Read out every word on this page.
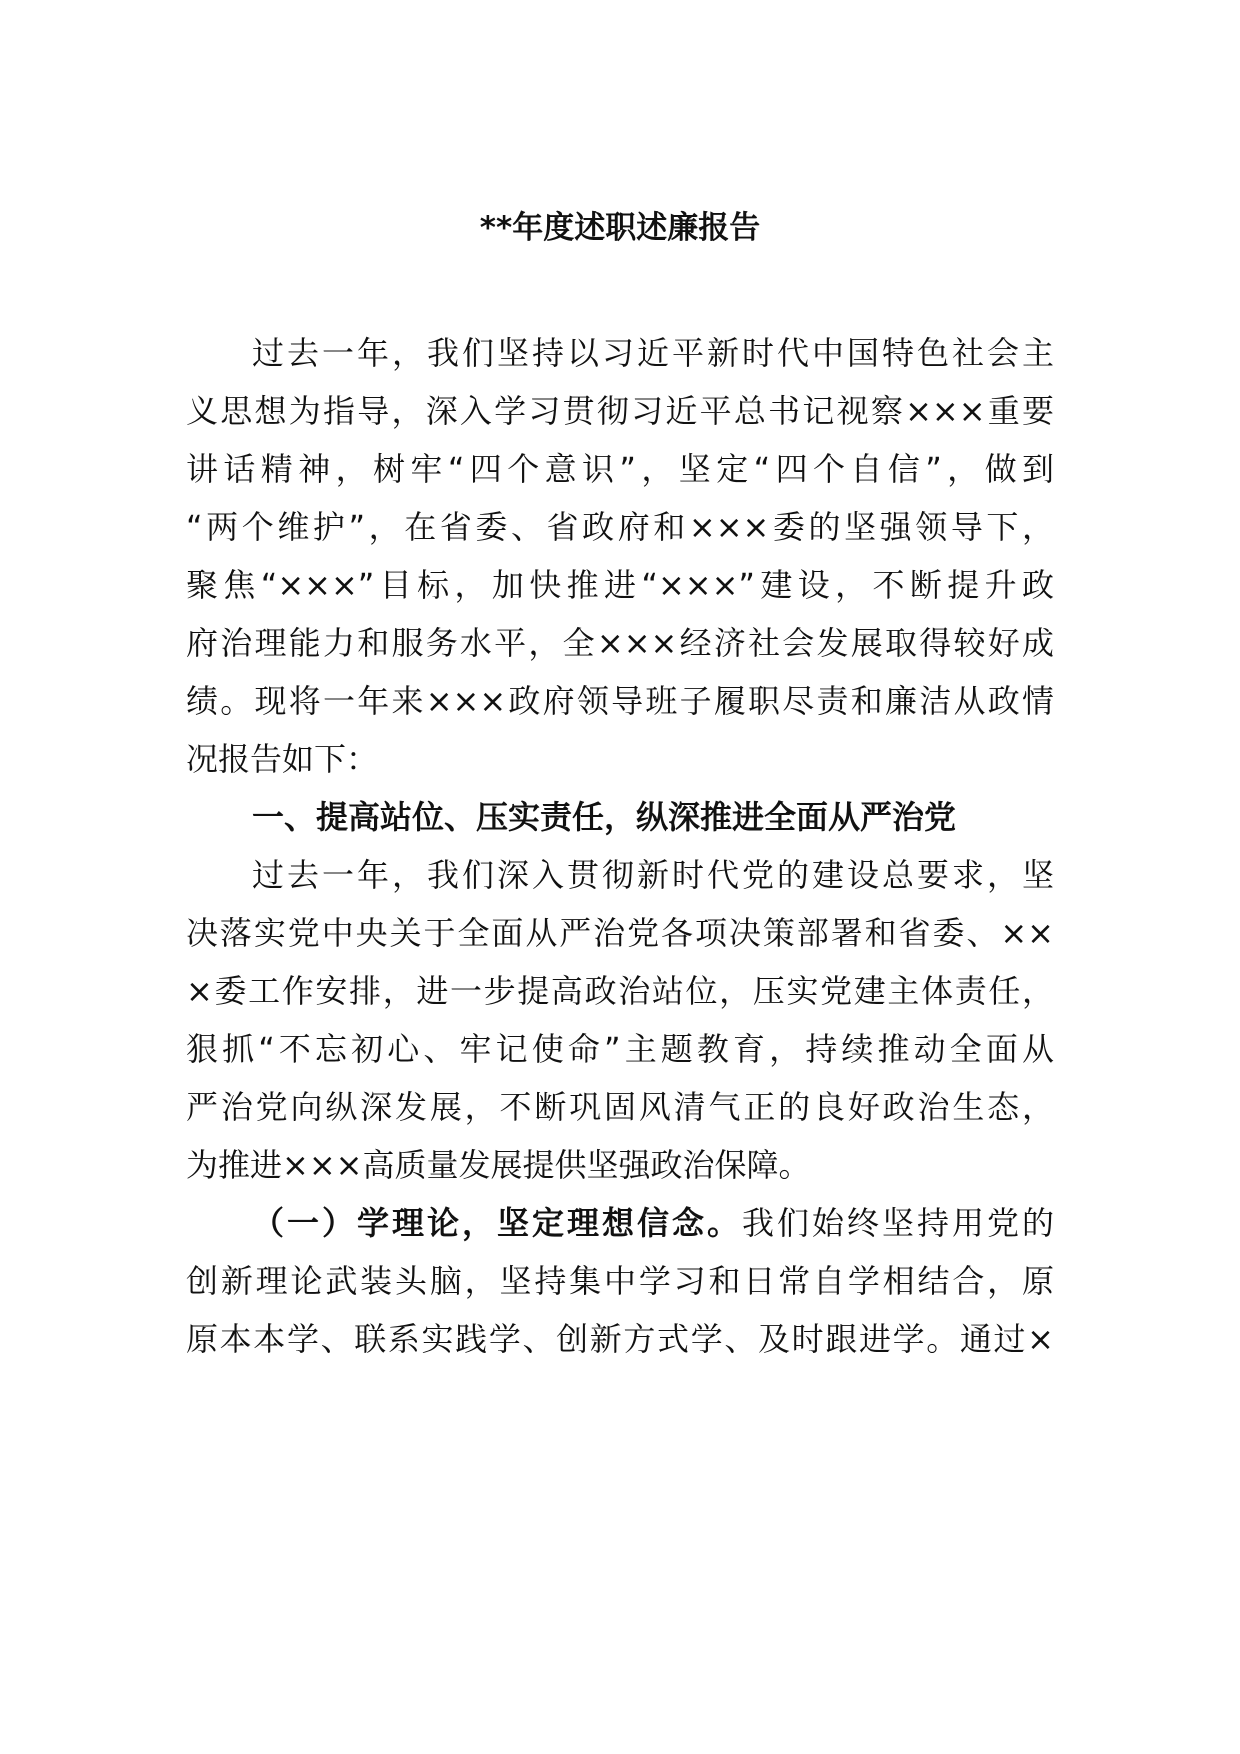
**年度述职述廉报告

过去一年，我们坚持以习近平新时代中国特色社会主

义思想为指导，深入学习贯彻习近平总书记视察×××重要

讲话精神，树牢“四个意识”，坚定“四个自信”，做到

“两个维护”，在省委、省政府和×××委的坚强领导下，

聚焦“×××”目标，加快推进“×××”建设，不断提升政

府治理能力和服务水平，全×××经济社会发展取得较好成

绩。现将一年来×××政府领导班子履职尽责和廉洁从政情

况报告如下：

一、提高站位、压实责任，纵深推进全面从严治党

过去一年，我们深入贯彻新时代党的建设总要求，坚

决落实党中央关于全面从严治党各项决策部署和省委、××

×委工作安排，进一步提高政治站位，压实党建主体责任，

狠抓“不忘初心、牢记使命”主题教育，持续推动全面从

严治党向纵深发展，不断巩固风清气正的良好政治生态，

为推进×××高质量发展提供坚强政治保障。

（一）学理论，坚定理想信念。我们始终坚持用党的

创新理论武装头脑，坚持集中学习和日常自学相结合，原

原本本学、联系实践学、创新方式学、及时跟进学。通过×
